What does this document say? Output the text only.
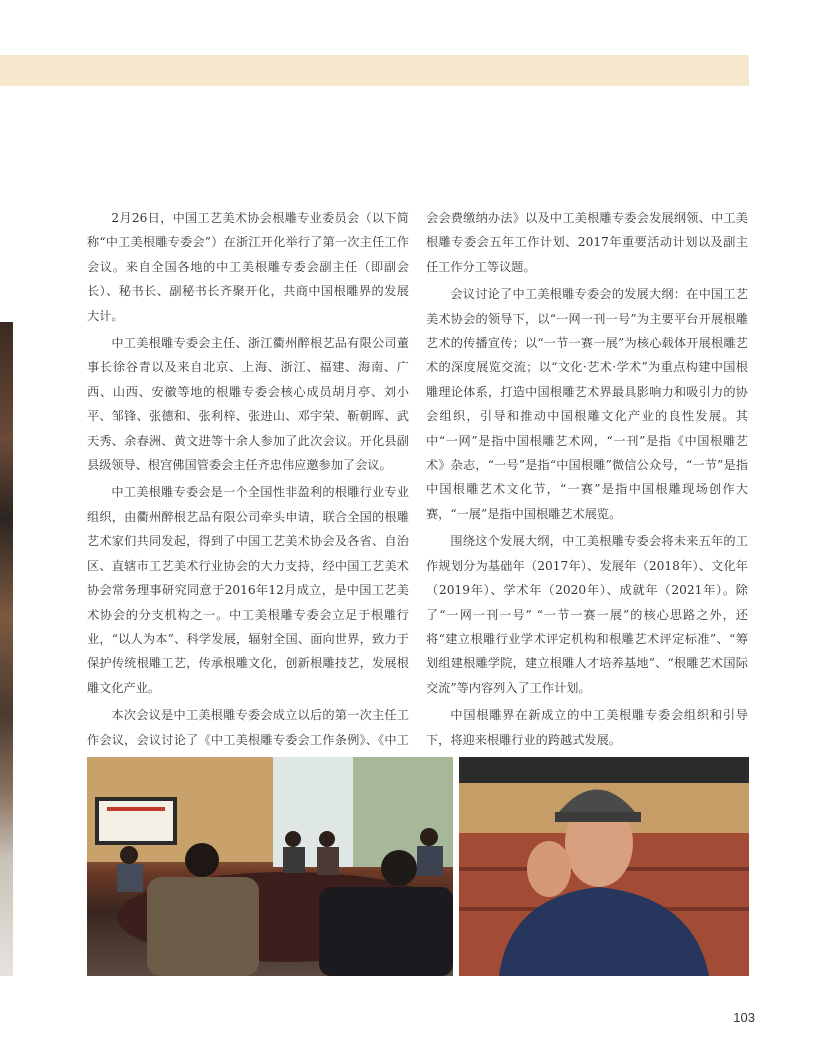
2月26日，中国工艺美术协会根雕专业委员会（以下简称“中工美根雕专委会”）在浙江开化举行了第一次主任工作会议。来自全国各地的中工美根雕专委会副主任（即副会长）、秘书长、副秘书长齐聚开化，共商中国根雕界的发展大计。

中工美根雕专委会主任、浙江衢州醉根艺品有限公司董事长徐谷青以及来自北京、上海、浙江、福建、海南、广西、山西、安徽等地的根雕专委会核心成员胡月亭、刘小平、邹锋、张德和、张利梓、张进山、邓宇荣、靳朝晖、武天秀、余春洲、黄文进等十余人参加了此次会议。开化县副县级领导、根宫佛国管委会主任齐忠伟应邀参加了会议。

中工美根雕专委会是一个全国性非盈利的根雕行业专业组织，由衢州醉根艺品有限公司牵头申请，联合全国的根雕艺术家们共同发起，得到了中国工艺美术协会及各省、自治区、直辖市工艺美术行业协会的大力支持，经中国工艺美术协会常务理事研究同意于2016年12月成立，是中国工艺美术协会的分支机构之一。中工美根雕专委会立足于根雕行业，“以人为本”、科学发展，辐射全国、面向世界，致力于保护传统根雕工艺，传承根雕文化，创新根雕技艺，发展根雕文化产业。

本次会议是中工美根雕专委会成立以后的第一次主任工作会议，会议讨论了《中工美根雕专委会工作条例》、《中工

会会费缴纳办法》以及中工美根雕专委会发展纲领、中工美根雕专委会五年工作计划、2017年重要活动计划以及副主任工作分工等议题。

会议讨论了中工美根雕专委会的发展大纲：在中国工艺美术协会的领导下，以“一网一刊一号”为主要平台开展根雕艺术的传播宣传；以“一节一赛一展”为核心载体开展根雕艺术的深度展览交流；以“文化·艺术·学术”为重点构建中国根雕理论体系，打造中国根雕艺术界最具影响力和吸引力的协会组织，引导和推动中国根雕文化产业的良性发展。其中“一网”是指中国根雕艺术网，“一刊”是指《中国根雕艺术》杂志，“一号”是指“中国根雕”微信公众号，“一节”是指中国根雕艺术文化节，“一赛”是指中国根雕现场创作大赛，“一展”是指中国根雕艺术展览。

围绕这个发展大纲，中工美根雕专委会将未来五年的工作规划分为基础年（2017年）、发展年（2018年）、文化年（2019年）、学术年（2020年）、成就年（2021年）。除了“一网一刊一号” “一节一赛一展”的核心思路之外，还将“建立根雕行业学术评定机构和根雕艺术评定标准”、“筹划组建根雕学院，建立根雕人才培养基地”、“根雕艺术国际交流”等内容列入了工作计划。

中国根雕界在新成立的中工美根雕专委会组织和引导下，将迎来根雕行业的跨越式发展。

103
